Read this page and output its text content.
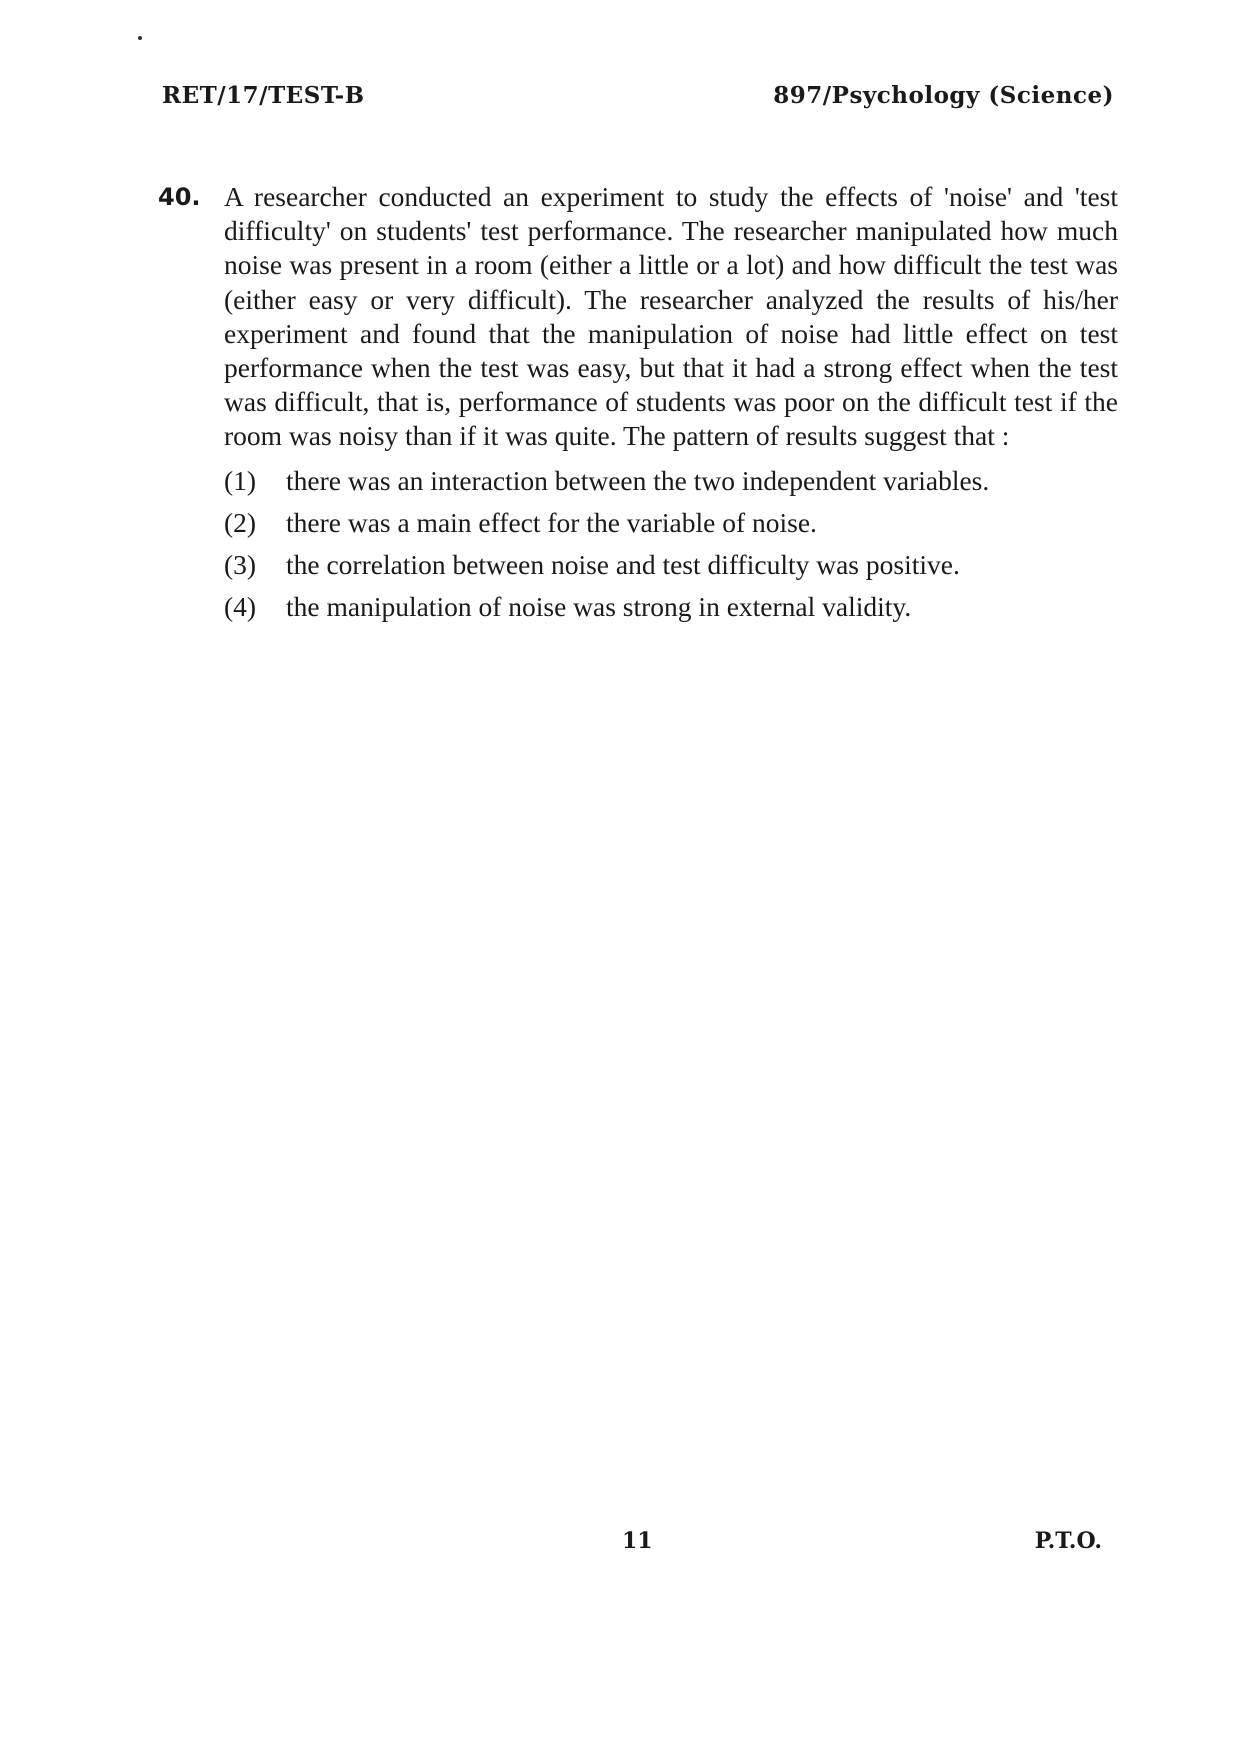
RET/17/TEST-B	897/Psychology (Science)
40. A researcher conducted an experiment to study the effects of 'noise' and 'test difficulty' on students' test performance. The researcher manipulated how much noise was present in a room (either a little or a lot) and how difficult the test was (either easy or very difficult). The researcher analyzed the results of his/her experiment and found that the manipulation of noise had little effect on test performance when the test was easy, but that it had a strong effect when the test was difficult, that is, performance of students was poor on the difficult test if the room was noisy than if it was quite. The pattern of results suggest that :

(1)	there was an interaction between the two independent variables.
(2)	there was a main effect for the variable of noise.
(3)	the correlation between noise and test difficulty was positive.
(4)	the manipulation of noise was strong in external validity.
11	P.T.O.
